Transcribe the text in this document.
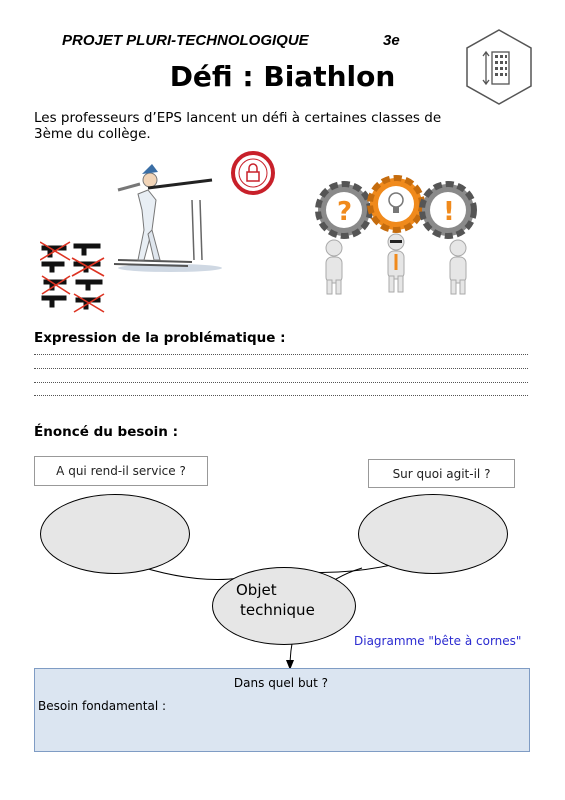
PROJET PLURI-TECHNOLOGIQUE	3e
Défi : Biathlon
Les professeurs d’EPS lancent un défi à certaines classes de 3ème du collège.
?	!
Expression de la problématique :
Énoncé du besoin :
A qui rend-il service ?	Sur quoi agit-il ?
Objet
technique
Diagramme "bête à cornes"
Dans quel but ?
Besoin fondamental :
